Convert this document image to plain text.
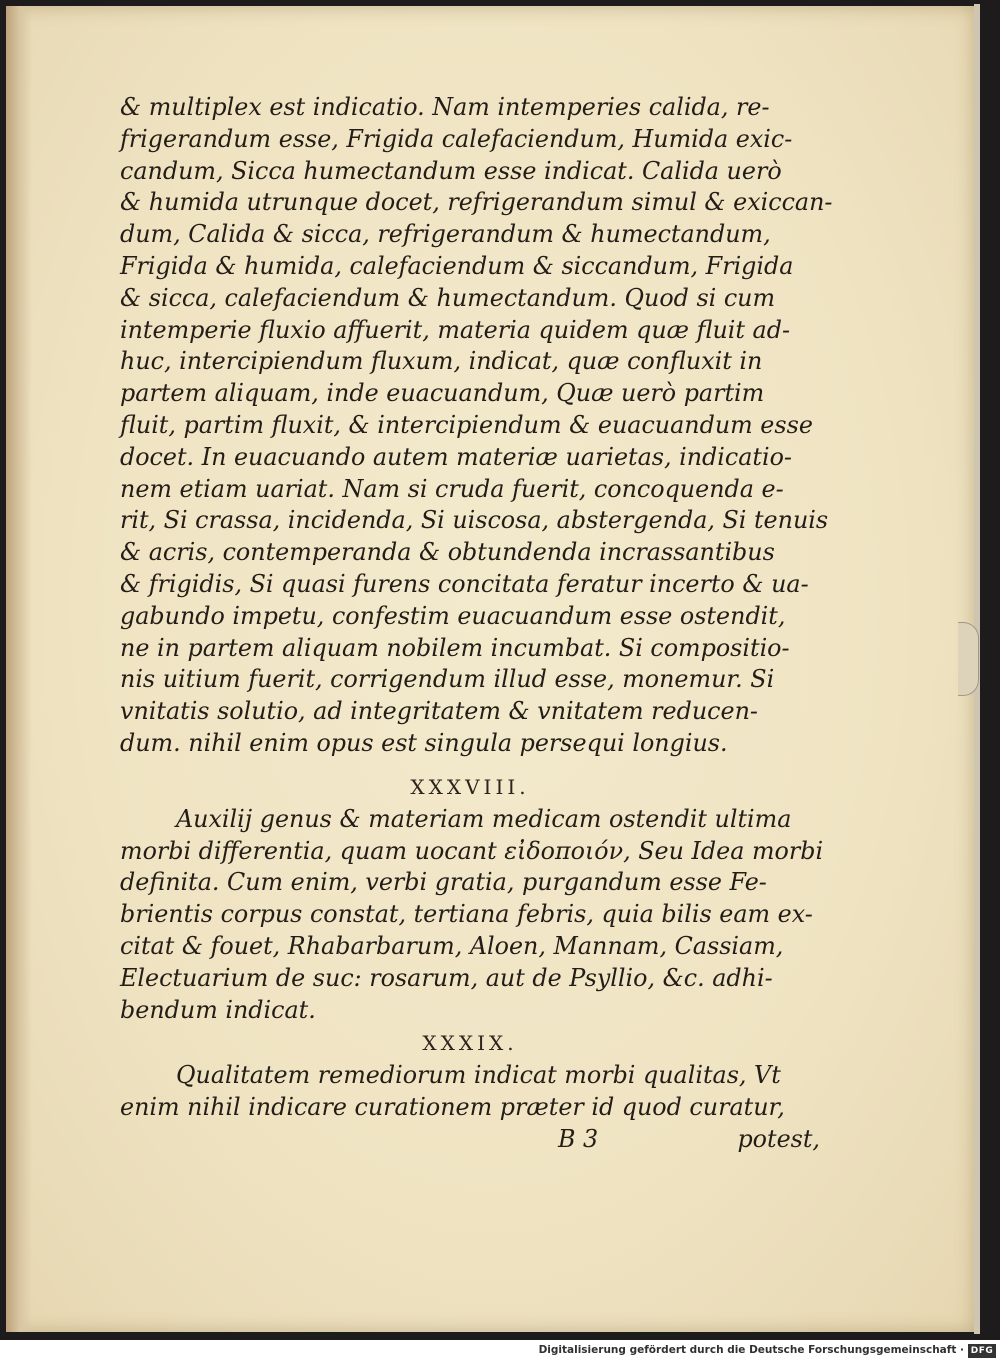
& multiplex est indicatio. Nam intemperies calida, re-
frigerandum esse, Frigida calefaciendum, Humida exic-
candum, Sicca humectandum esse indicat. Calida uerò
& humida utrunque docet, refrigerandum simul & exiccan-
dum, Calida & sicca, refrigerandum & humectandum,
Frigida & humida, calefaciendum & siccandum, Frigida
& sicca, calefaciendum & humectandum. Quod si cum
intemperie fluxio affuerit, materia quidem quæ fluit ad-
huc, intercipiendum fluxum, indicat, quæ confluxit in
partem aliquam, inde euacuandum, Quæ uerò partim
fluit, partim fluxit, & intercipiendum & euacuandum esse
docet. In euacuando autem materiæ uarietas, indicatio-
nem etiam uariat. Nam si cruda fuerit, concoquenda e-
rit, Si crassa, incidenda, Si uiscosa, abstergenda, Si tenuis
& acris, contemperanda & obtundenda incrassantibus
& frigidis, Si quasi furens concitata feratur incerto & ua-
gabundo impetu, confestim euacuandum esse ostendit,
ne in partem aliquam nobilem incumbat. Si compositio-
nis uitium fuerit, corrigendum illud esse, monemur. Si
vnitatis solutio, ad integritatem & vnitatem reducen-
dum. nihil enim opus est singula persequi longius.
XXXVIII.
Auxilij genus & materiam medicam ostendit ultima
morbi differentia, quam uocant εἰδοποιόν, Seu Idea morbi
definita. Cum enim, verbi gratia, purgandum esse Fe-
brientis corpus constat, tertiana febris, quia bilis eam ex-
citat & fouet, Rhabarbarum, Aloen, Mannam, Cassiam,
Electuarium de suc: rosarum, aut de Psyllio, &c. adhi-
bendum indicat.
XXXIX.
Qualitatem remediorum indicat morbi qualitas, Vt
enim nihil indicare curationem præter id quod curatur,
B 3	potest,
Digitalisierung gefördert durch die Deutsche Forschungsgemeinschaft · DFG
